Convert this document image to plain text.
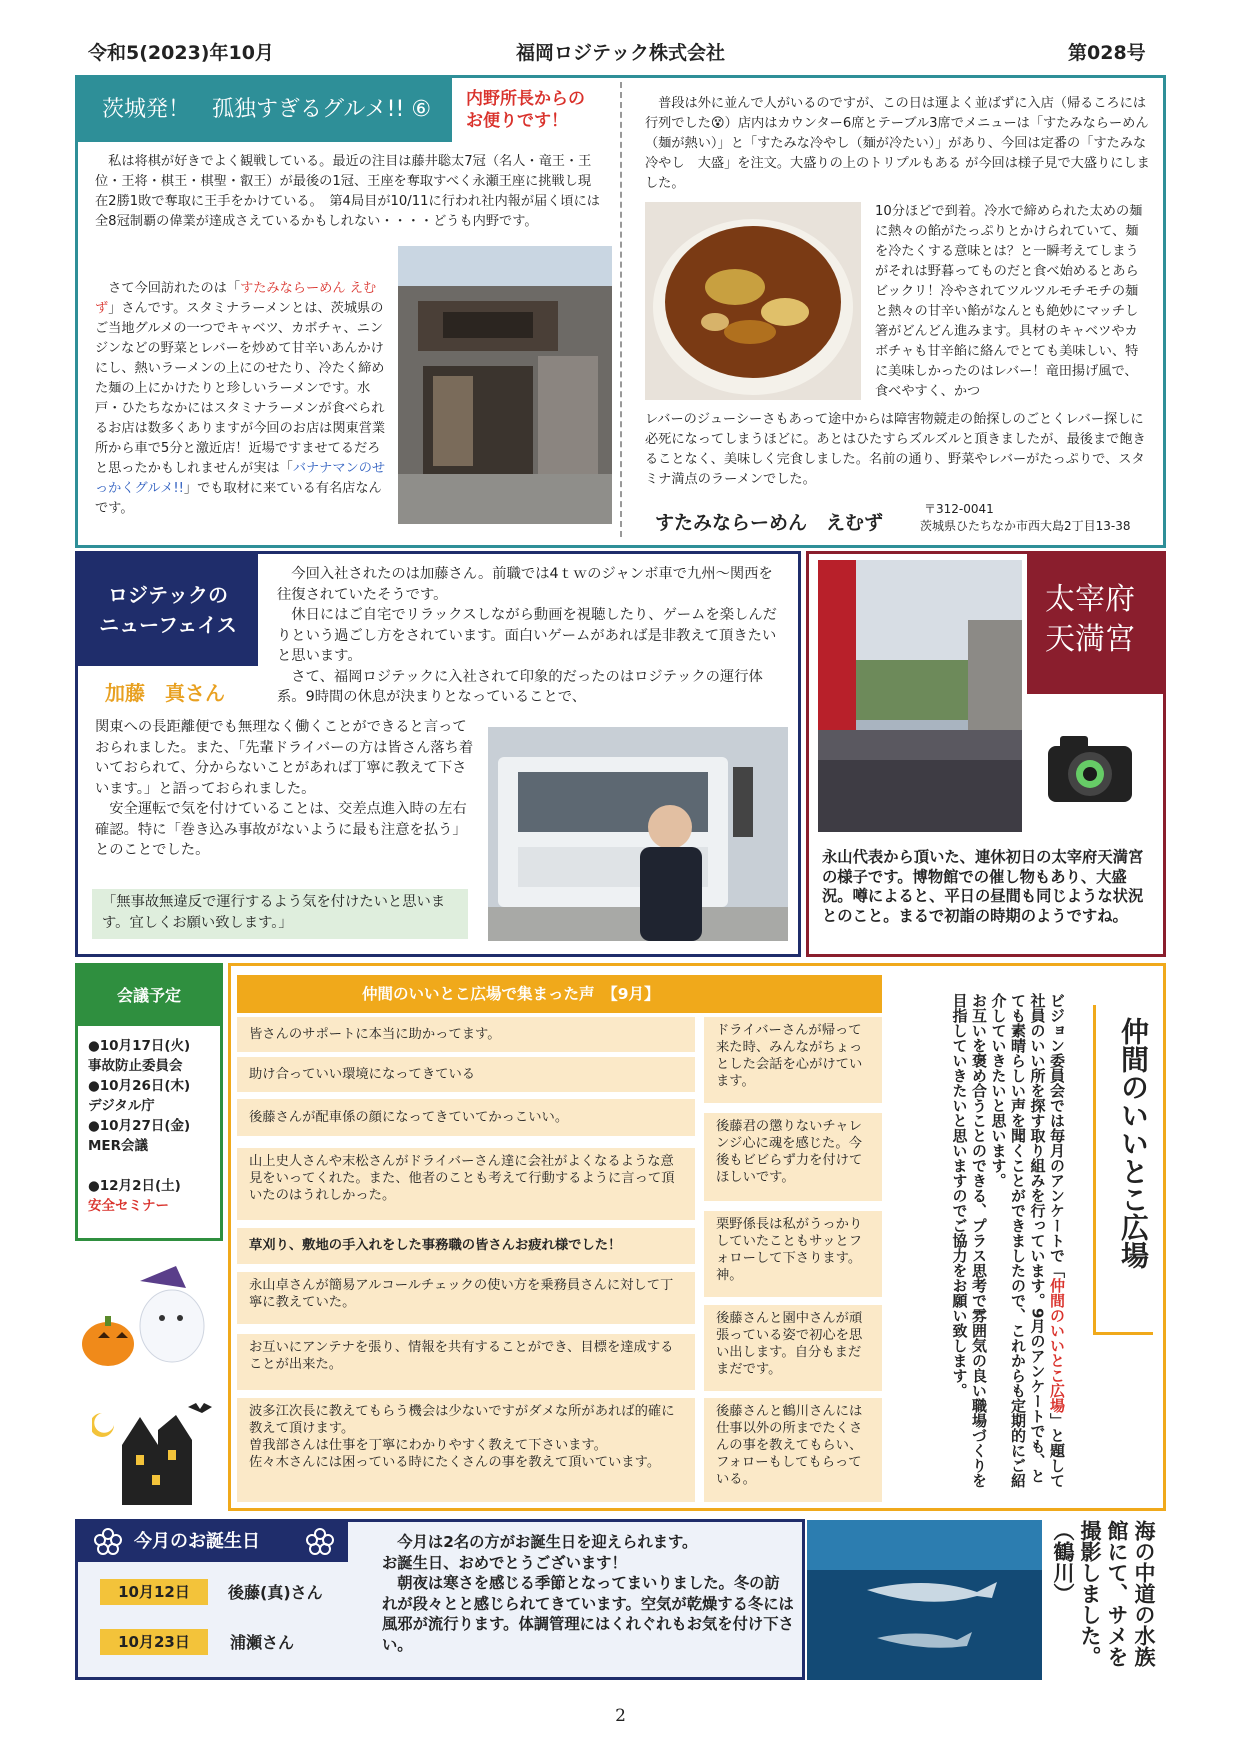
令和5(2023)年10月	福岡ロジテック株式会社	第028号
茨城発！　孤独すぎるグルメ!! ⑥	内野所長からの
お便りです！

　私は将棋が好きでよく観戦している。最近の注目は藤井聡太7冠（名人・竜王・王位・王将・棋王・棋聖・叡王）が最後の1冠、王座を奪取すべく永瀬王座に挑戦し現在2勝1敗で奪取に王手をかけている。　第4局目が10/11に行われ社内報が届く頃には全8冠制覇の偉業が達成さえているかもしれない・・・・どうも内野です。

　さて今回訪れたのは「すたみならーめん えむず」さんです。スタミナラーメンとは、茨城県のご当地グルメの一つでキャベツ、カボチャ、ニンジンなどの野菜とレバーを炒めて甘辛いあんかけにし、熱いラーメンの上にのせたり、冷たく締めた麺の上にかけたりと珍しいラーメンです。水戸・ひたちなかにはスタミナラーメンが食べられるお店は数多くありますが今回のお店は関東営業所から車で5分と激近店！近場ですませてるだろと思ったかもしれませんが実は「バナナマンのせっかくグルメ!!」でも取材に来ている有名店なんです。

　普段は外に並んで人がいるのですが、この日は運よく並ばずに入店（帰るころには行列でした😵）店内はカウンター6席とテーブル3席でメニューは「すたみならーめん（麺が熱い）」と「すたみな冷やし（麺が冷たい）」があり、今回は定番の「すたみな冷やし　大盛」を注文。大盛りの上のトリプルもある が今回は様子見で大盛りにしました。

10分ほどで到着。冷水で締められた太めの麺に熱々の餡がたっぷりとかけられていて、麺を冷たくする意味とは？と一瞬考えてしまうがそれは野暮ってものだと食べ始めるとあらビックリ！冷やされてツルツルモチモチの麺と熱々の甘辛い餡がなんとも絶妙にマッチし箸がどんどん進みます。具材のキャベツやカボチャも甘辛餡に絡んでとても美味しい、特に美味しかったのはレバー！竜田揚げ風で、食べやすく、かつ

レバーのジューシーさもあって途中からは障害物競走の飴探しのごとくレバー探しに必死になってしまうほどに。あとはひたすらズルズルと頂きましたが、最後まで飽きることなく、美味しく完食しました。名前の通り、野菜やレバーがたっぷりで、スタミナ満点のラーメンでした。

すたみならーめん　えむず
〒312-0041
茨城県ひたちなか市西大島2丁目13-38
ロジテックの
ニューフェイス
加藤　真さん

　今回入社されたのは加藤さん。前職では4ｔｗのジャンボ車で九州～関西を往復されていたそうです。
　休日にはご自宅でリラックスしながら動画を視聴したり、ゲームを楽しんだりという過ごし方をされています。面白いゲームがあれば是非教えて頂きたいと思います。
　さて、福岡ロジテックに入社されて印象的だったのはロジテックの運行体系。9時間の休息が決まりとなっていることで、

関東への長距離便でも無理なく働くことができると言っておられました。また、「先輩ドライバーの方は皆さん落ち着いておられて、分からないことがあれば丁寧に教えて下さいます。」と語っておられました。
　安全運転で気を付けていることは、交差点進入時の左右確認。特に「巻き込み事故がないように最も注意を払う」とのことでした。

「無事故無違反で運行するよう気を付けたいと思います。宜しくお願い致します。」
太宰府
天満宮

永山代表から頂いた、連休初日の太宰府天満宮の様子です。博物館での催し物もあり、大盛況。噂によると、平日の昼間も同じような状況とのこと。まるで初詣の時期のようですね。

会議予定
●10月17日(火)
事故防止委員会
●10月26日(木)
デジタル庁
●10月27日(金)
MER会議
●12月2日(土)
安全セミナー
仲間のいいとこ広場で集まった声　【9月】
皆さんのサポートに本当に助かってます。
助け合っていい環境になってきている
後藤さんが配車係の顔になってきていてかっこいい。
山上史人さんや末松さんがドライバーさん達に会社がよくなるような意見をいってくれた。また、他者のことも考えて行動するように言って頂いたのはうれしかった。
草刈り、敷地の手入れをした事務職の皆さんお疲れ様でした！
永山卓さんが簡易アルコールチェックの使い方を乗務員さんに対して丁寧に教えていた。
お互いにアンテナを張り、情報を共有することができ、目標を達成することが出来た。
波多江次長に教えてもらう機会は少ないですがダメな所があれば的確に教えて頂けます。
曽我部さんは仕事を丁寧にわかりやすく教えて下さいます。
佐々木さんには困っている時にたくさんの事を教えて頂いています。
ドライバーさんが帰って来た時、みんながちょっとした会話を心がけています。
後藤君の懲りないチャレンジ心に魂を感じた。今後もビビらず力を付けてほしいです。
栗野係長は私がうっかりしていたこともサッとフォローして下さります。神。
後藤さんと園中さんが頑張っている姿で初心を思い出します。自分もまだまだです。
後藤さんと鶴川さんには仕事以外の所までたくさんの事を教えてもらい、フォローもしてもらっている。
ビジョン委員会では毎月のアンケートで「仲間のいいとこ広場」と題して社員のいい所を探す取り組みを行っています。9月のアンケートでも、とても素晴らしい声を聞くことができましたので、これからも定期的にご紹介していきたいと思います。
お互いを褒め合うことのできる、プラス思考で雰囲気の良い職場づくりを目指していきたいと思いますのでご協力をお願い致します。	仲間のいいとこ広場
今月のお誕生日
10月12日	後藤(真)さん
10月23日	浦瀬さん

　今月は2名の方がお誕生日を迎えられます。
お誕生日、おめでとうございます！
　朝夜は寒さを感じる季節となってまいりました。冬の訪れが段々とと感じられてきています。空気が乾燥する冬には風邪が流行ります。体調管理にはくれぐれもお気を付け下さい。	海の中道の水族館にて、サメを撮影しました。（鶴川）
2
